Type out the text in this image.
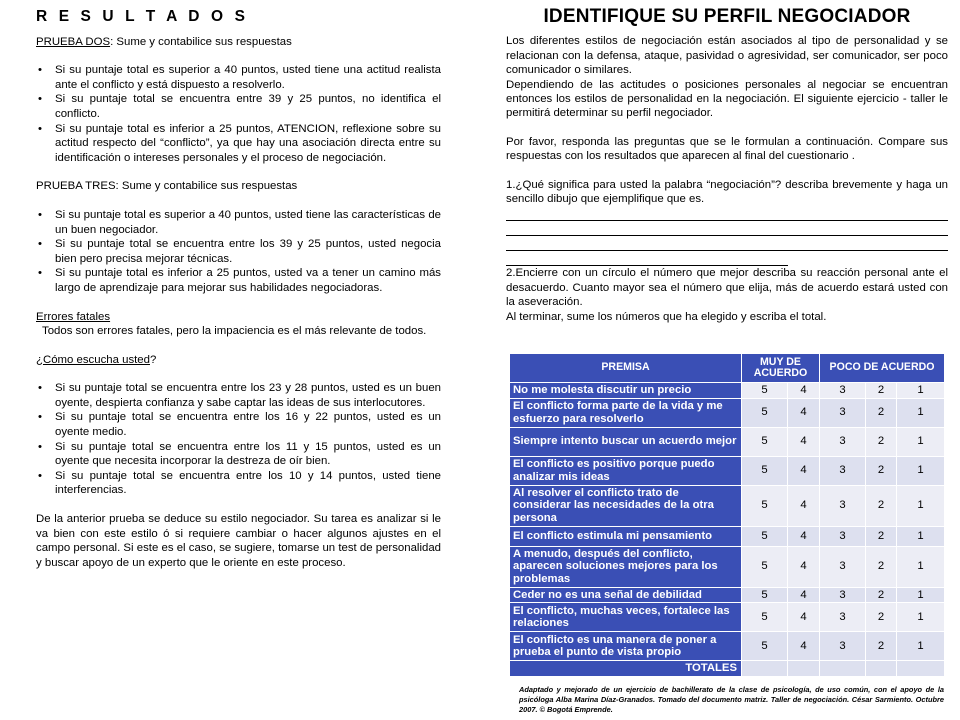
R E S U L T A D O S

PRUEBA DOS: Sume y contabilice sus respuestas

• Si su puntaje total es superior a 40 puntos, usted tiene una actitud realista ante el conflicto y está dispuesto a resolverlo.
• Si su puntaje total se encuentra entre 39 y 25 puntos, no identifica el conflicto.
• Si su puntaje total es inferior a 25 puntos, ATENCION, reflexione sobre su actitud respecto del “conflicto”, ya que hay una asociación directa entre su identificación o intereses personales y el proceso de negociación.

PRUEBA TRES: Sume y contabilice sus respuestas

• Si su puntaje total es superior a 40 puntos, usted tiene las características de un buen negociador.
• Si su puntaje total se encuentra entre los 39 y 25 puntos, usted negocia bien pero precisa mejorar técnicas.
• Si su puntaje total es inferior a 25 puntos, usted va a tener un camino más largo de aprendizaje para mejorar sus habilidades negociadoras.

Errores fatales

Todos son errores fatales, pero la impaciencia es el más relevante de todos.

¿Cómo escucha usted?

• Si su puntaje total se encuentra entre los 23 y 28 puntos, usted es un buen oyente, despierta confianza y sabe captar las ideas de sus interlocutores.
• Si su puntaje total se encuentra entre los 16 y 22 puntos, usted es un oyente medio.
• Si su puntaje total se encuentra entre los 11 y 15 puntos, usted es un oyente que necesita incorporar la destreza de oír bien.
• Si su puntaje total se encuentra entre los 10 y 14 puntos, usted tiene interferencias.

De la anterior prueba se deduce su estilo negociador. Su tarea es analizar si le va bien con este estilo ó si requiere cambiar o hacer algunos ajustes en el campo personal. Si este es el caso, se sugiere, tomarse un test de personalidad y buscar apoyo de un experto que le oriente en este proceso.

IDENTIFIQUE SU PERFIL NEGOCIADOR

Los diferentes estilos de negociación están asociados al tipo de personalidad y se relacionan con la defensa, ataque, pasividad o agresividad, ser comunicador, ser poco comunicador o similares.

Dependiendo de las actitudes o posiciones personales al negociar se encuentran entonces los estilos de personalidad en la negociación. El siguiente ejercicio - taller le permitirá determinar su perfil negociador.

Por favor, responda las preguntas que se le formulan a continuación. Compare sus respuestas con los resultados que aparecen al final del cuestionario .

1.¿Qué significa para usted la palabra “negociación”? describa brevemente y haga un sencillo dibujo que ejemplifique que es.

2.Encierre con un círculo el número que mejor describa su reacción personal ante el desacuerdo. Cuanto mayor sea el número que elija, más de acuerdo estará usted con la aseveración.

Al terminar, sume los números que ha elegido y escriba el total.

PREMISA	MUY DE ACUERDO		POCO DE ACUERDO		
No me molesta discutir un precio	5	4	3	2	1
El conflicto forma parte de la vida y me esfuerzo para resolverlo	5	4	3	2	1
Siempre intento buscar un acuerdo mejor	5	4	3	2	1
El conflicto es positivo porque puedo analizar mis ideas	5	4	3	2	1
Al resolver el conflicto trato de considerar las necesidades de la otra persona	5	4	3	2	1
El conflicto estimula mi pensamiento	5	4	3	2	1
A menudo, después del conflicto, aparecen soluciones mejores para los problemas	5	4	3	2	1
Ceder no es una señal de debilidad	5	4	3	2	1
El conflicto, muchas veces, fortalece las relaciones	5	4	3	2	1
El conflicto es una manera de poner a prueba el punto de vista propio	5	4	3	2	1
TOTALES					
Adaptado y mejorado de un ejercicio de bachillerato de la clase de psicología, de uso común, con el apoyo de la psicóloga Alba Marina Díaz-Granados. Tomado del documento matriz. Taller de negociación. César Sarmiento. Octubre 2007. © Bogotá Emprende.
